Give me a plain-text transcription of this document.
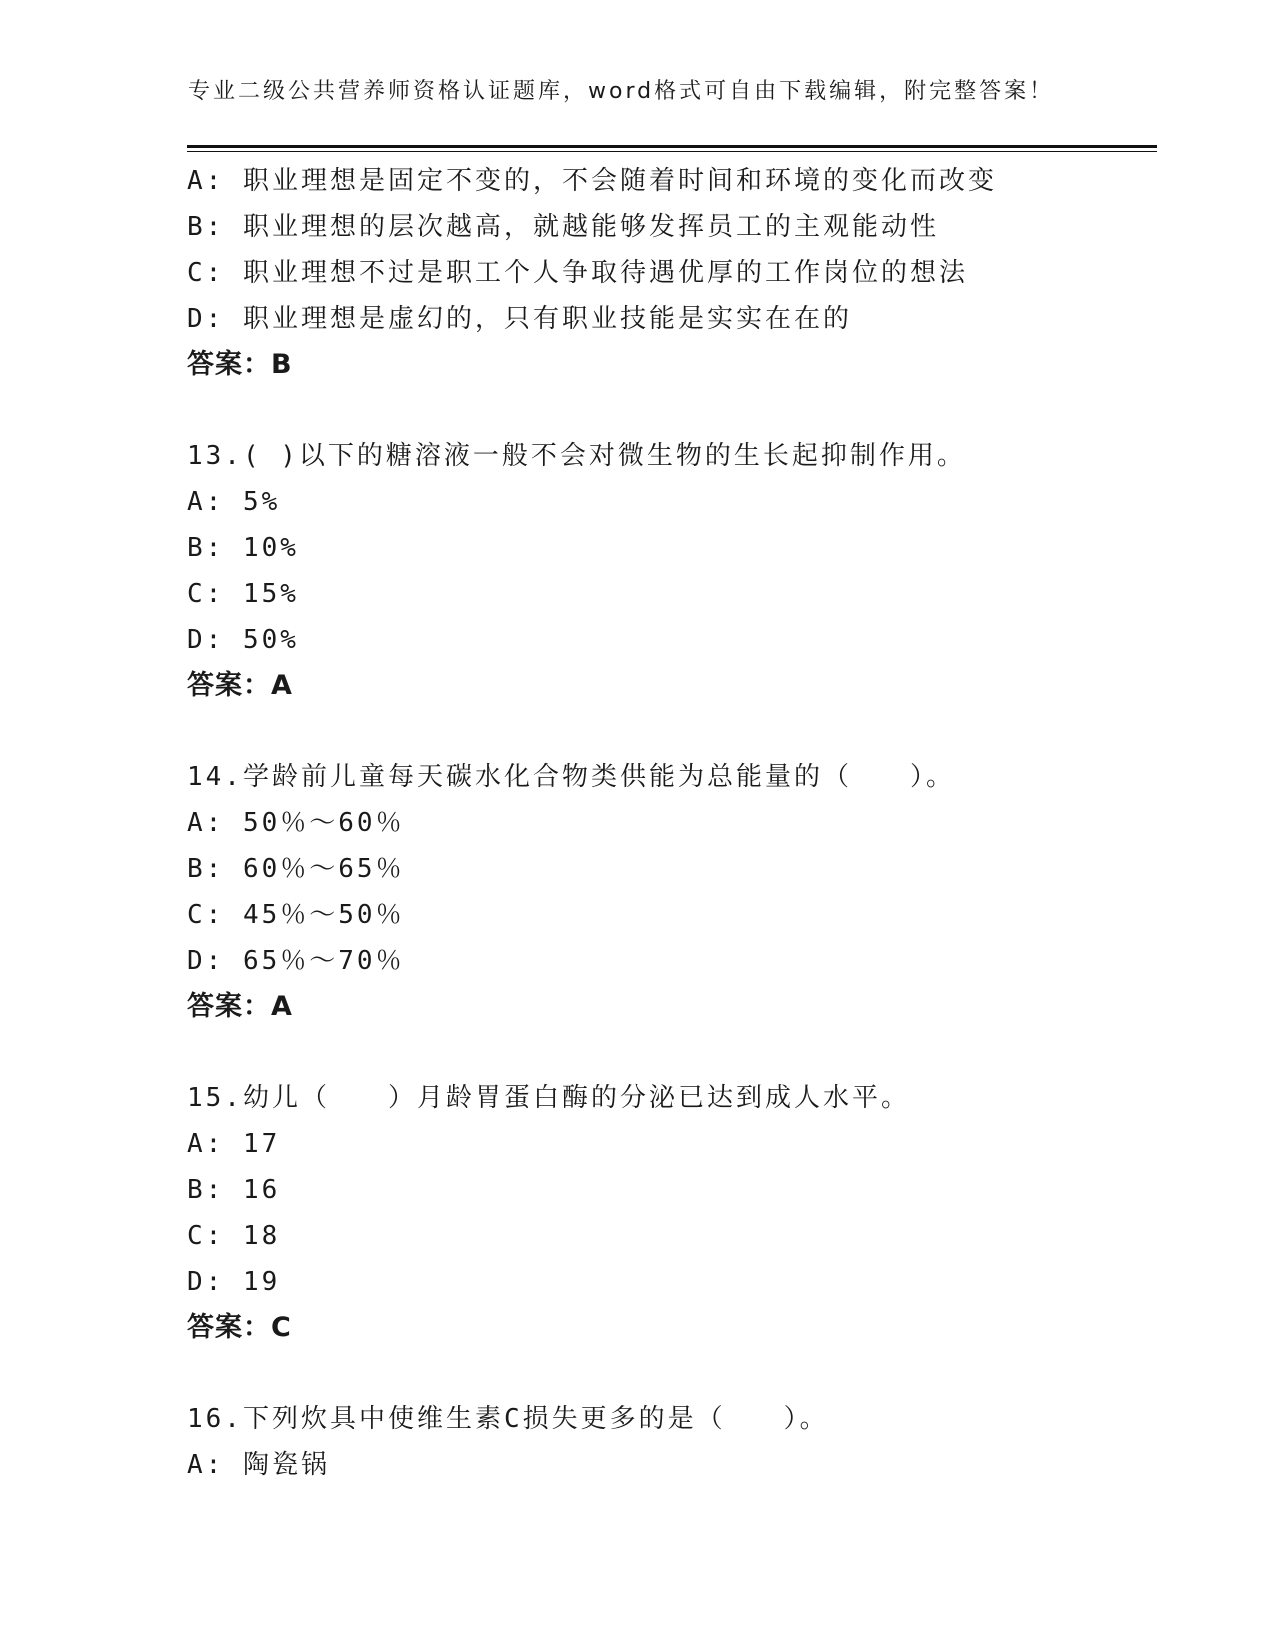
专业二级公共营养师资格认证题库，word格式可自由下载编辑，附完整答案！
A: 职业理想是固定不变的，不会随着时间和环境的变化而改变
B: 职业理想的层次越高，就越能够发挥员工的主观能动性
C: 职业理想不过是职工个人争取待遇优厚的工作岗位的想法
D: 职业理想是虚幻的，只有职业技能是实实在在的
答案：B
13.( )以下的糖溶液一般不会对微生物的生长起抑制作用。
A: 5%
B: 10%
C: 15%
D: 50%
答案：A
14.学龄前儿童每天碳水化合物类供能为总能量的（　　）。
A: 50％～60％
B: 60％～65％
C: 45％～50％
D: 65％～70％
答案：A
15.幼儿（　　）月龄胃蛋白酶的分泌已达到成人水平。
A: 17
B: 16
C: 18
D: 19
答案：C
16.下列炊具中使维生素C损失更多的是（　　）。
A: 陶瓷锅
